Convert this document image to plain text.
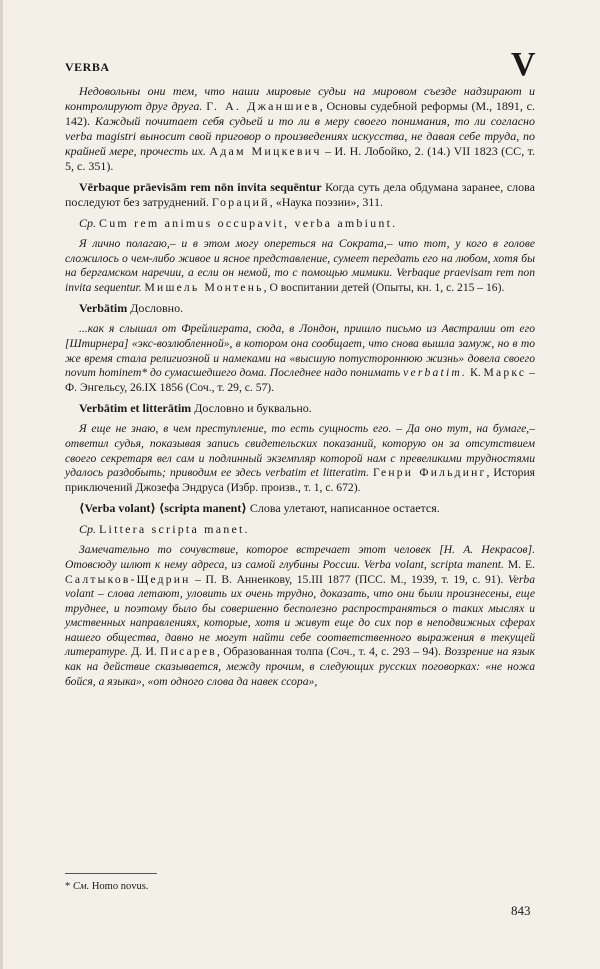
VERBA	V

Недовольны они тем, что наши мировые судьи на мировом съезде надзирают и контролируют друг друга. Г. А. Джаншиев, Основы судебной реформы (М., 1891, с. 142). Каждый почитает себя судьей и то ли в меру своего понимания, то ли согласно verba magistri выносит свой приговор о произведениях искусства, не давая себе труда, по крайней мере, прочесть их. Адам Мицкевич – И. Н. Лобойко, 2. (14.) VII 1823 (СС, т. 5, с. 351).

Vērbaque prāevisām rem nōn invita sequēntur Когда суть дела обдумана заранее, слова последуют без затруднений. Гораций, «Наука поэзии», 311.

Ср. Cum rem animus occupavit, verba ambiunt.

Я лично полагаю,– и в этом могу опереться на Сократа,– что тот, у кого в голове сложилось о чем-либо живое и ясное представление, сумеет передать его на любом, хотя бы на бергамском наречии, а если он немой, то с помощью мимики. Verbaque praevisam rem non invita sequentur. Мишель Монтень, О воспитании детей (Опыты, кн. 1, с. 215 – 16).

Verbātim Дословно.

...как я слышал от Фрейлиграта, сюда, в Лондон, пришло письмо из Австралии от его [Штирнера] «экс-возлюбленной», в котором она сообщает, что снова вышла замуж, но в то же время стала религиозной и намеками на «высшую потустороннюю жизнь» довела своего novum hominem* до сумасшедшего дома. Последнее надо понимать verbatim. К. Маркс – Ф. Энгельсу, 26.IX 1856 (Соч., т. 29, с. 57).

Verbātim et litterātim Дословно и буквально.

Я еще не знаю, в чем преступление, то есть сущность его. – Да оно тут, на бумаге,– ответил судья, показывая запись свидетельских показаний, которую он за отсутствием своего секретаря вел сам и подлинный экземпляр которой нам с превеликими трудностями удалось раздобыть; приводим ее здесь verbatim et litteratim. Генри Фильдинг, История приключений Джозефа Эндруса (Избр. произв., т. 1, с. 672).

⟨Verba volant⟩ ⟨scripta manent⟩ Слова улетают, написанное остается.

Ср. Littera scripta manet.

Замечательно то сочувствие, которое встречает этот человек [Н. А. Некрасов]. Отовсюду шлют к нему адреса, из самой глубины России. Verba volant, scripta manent. М. Е. Салтыков-Щедрин – П. В. Анненкову, 15.III 1877 (ПСС. М., 1939, т. 19, с. 91). Verba volant – слова летают, уловить их очень трудно, доказать, что они были произнесены, еще труднее, и поэтому было бы совершенно бесполезно распространяться о таких мыслях и умственных направлениях, которые, хотя и живут еще до сих пор в неподвижных сферах нашего общества, давно не могут найти себе соответственного выражения в текущей литературе. Д. И. Писарев, Образованная толпа (Соч., т. 4, с. 293 – 94). Воззрение на язык как на действие сказывается, между прочим, в следующих русских поговорках: «не ножа бойся, а языка», «от одного слова да навек ссора»,

* См. Homo novus.
843
